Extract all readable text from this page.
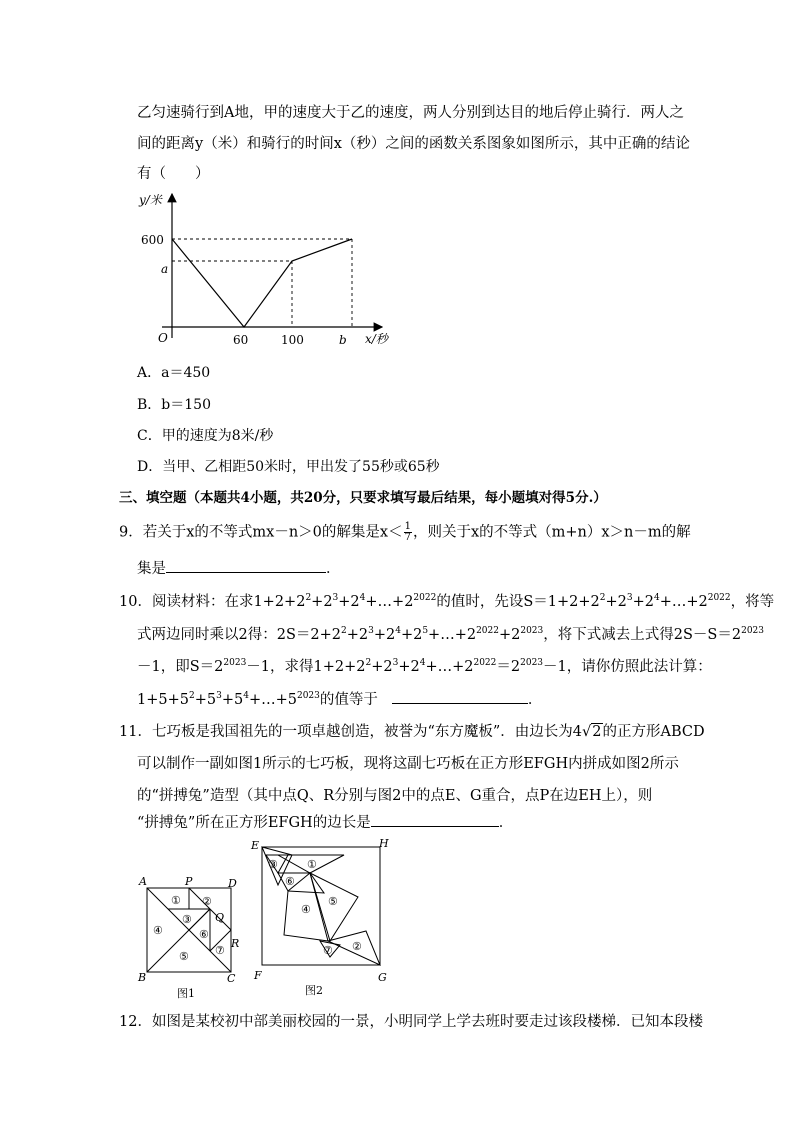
乙匀速骑行到A地，甲的速度大于乙的速度，两人分别到达目的地后停止骑行．两人之
间的距离y（米）和骑行的时间x（秒）之间的函数关系图象如图所示，其中正确的结论
有（　　）
y/米
x/秒
O
600
a
60	100	b
A．a＝450
B．b＝150
C．甲的速度为8米/秒
D．当甲、乙相距50米时，甲出发了55秒或65秒
三、填空题（本题共4小题，共20分，只要求填写最后结果，每小题填对得5分.）
9．若关于x的不等式mx－n＞0的解集是$x< \frac{1}{7}$ ，则关于x的不等式（m+n）x＞n－m的解
集是	．
10．阅读材料：在求$1+2+2^2+2^3+2^4+\dots+2^{2022}$的值时，先设$S=1+2+2^2+2^3+2^4+\dots+2^{2022}$，将等
式两边同时乘以2得：$2S=2+2^2+2^3+2^4+2^5+\dots+2^{2022}+2^{2023}$，将下式减去上式得$2S-S=2^{2023}$
－1，即$S=2^{2023}-1$，求得$1+2+2^2+2^3+2^4+\dots+2^{2022}=2^{2023}-1$，请你仿照此法计算：
$1+5+5^2+5^3+5^4+\dots+5^{2023}$的值等于	．
11．七巧板是我国祖先的一项卓越创造，被誉为“东方魔板”．由边长为4√2的正方形ABCD
可以制作一副如图1所示的七巧板，现将这副七巧板在正方形EFGH内拼成如图2所示
的“拼搏兔”造型（其中点Q、R分别与图2中的点E、G重合，点P在边EH上），则
“拼搏兔”所在正方形EFGH的边长是	．
A	P	D
Q
R
B	C
① ②
③
④
⑤
⑥
⑦
图1
E	H
F	G
①
②
③
④
⑤
⑥
⑦
图2
12．如图是某校初中部美丽校园的一景，小明同学上学去班时要走过该段楼梯．已知本段楼
